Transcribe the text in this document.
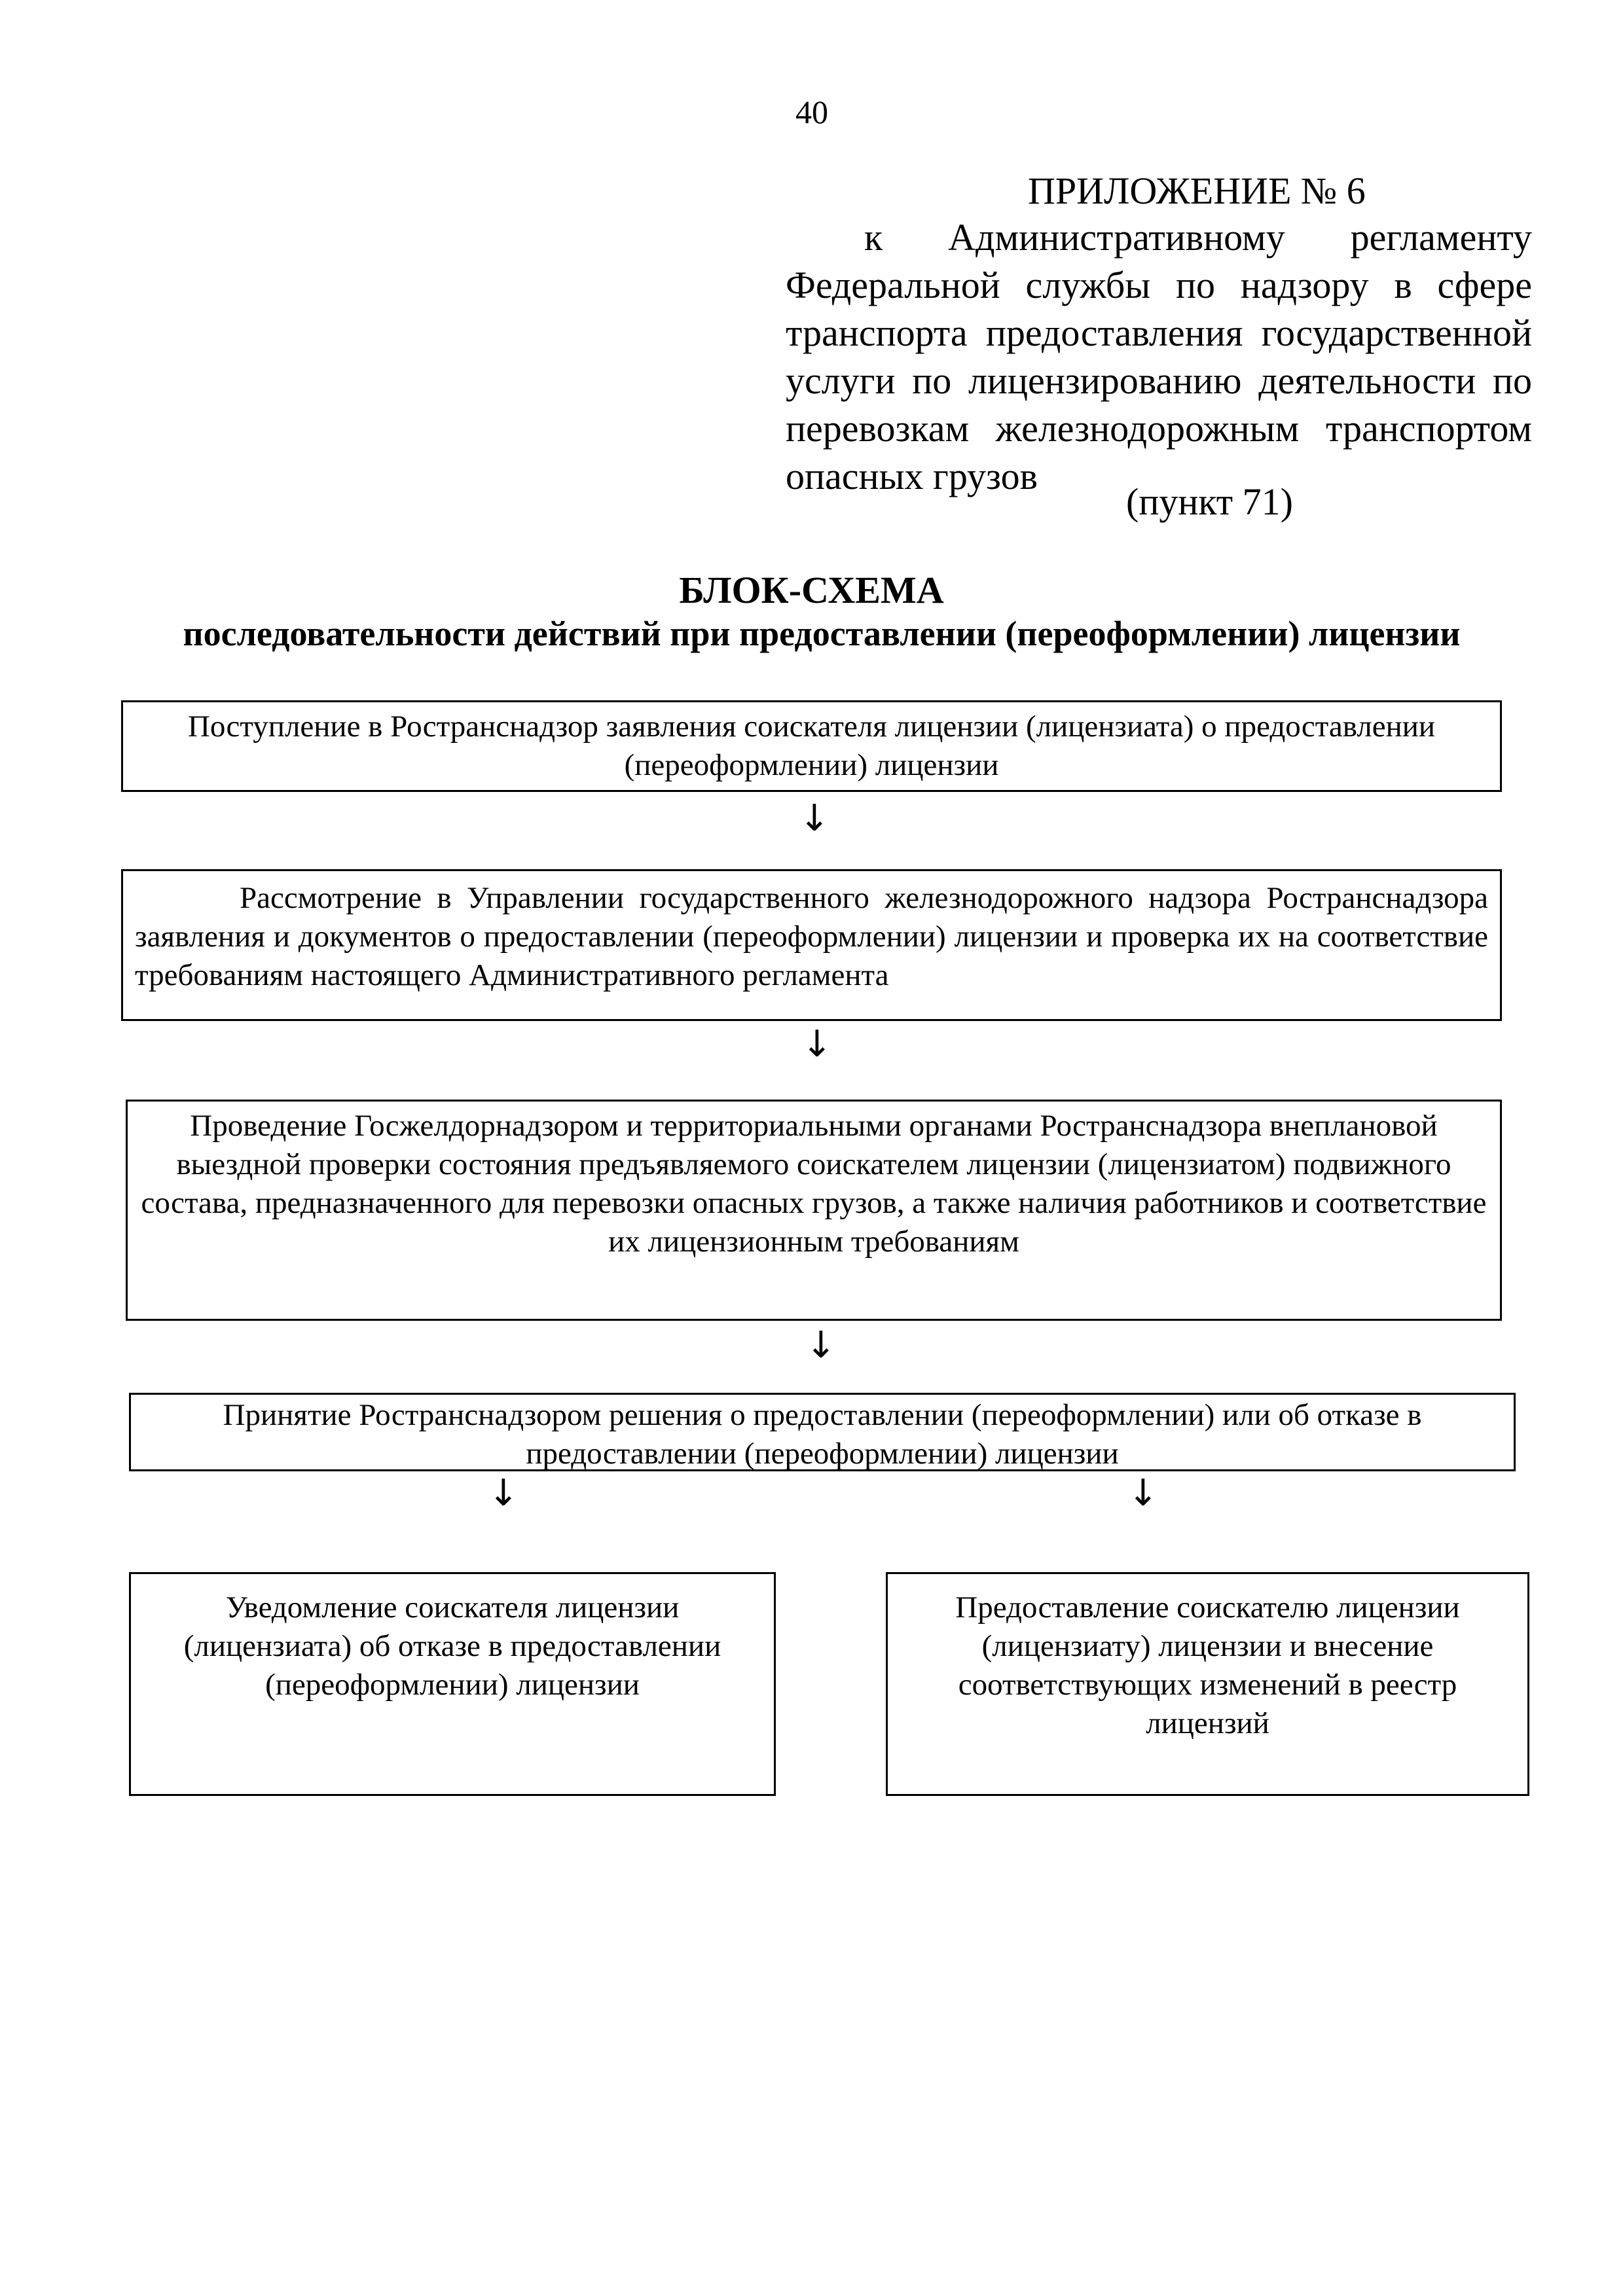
40
ПРИЛОЖЕНИЕ № 6
к Административному регламенту Федеральной службы по надзору в сфере транспорта предоставления государственной услуги по лицензированию деятельности по перевозкам железнодорожным транспортом опасных грузов
(пункт 71)
БЛОК-СХЕМА
последовательности действий при предоставлении (переоформлении) лицензии
Поступление в Ространснадзор заявления соискателя лицензии (лицензиата) о предоставлении (переоформлении) лицензии
↓
Рассмотрение в Управлении государственного железнодорожного надзора Ространснадзора заявления и документов о предоставлении (переоформлении) лицензии и проверка их на соответствие требованиям настоящего Административного регламента
↓
Проведение Госжелдорнадзором и территориальными органами Ространснадзора внеплановой выездной проверки состояния предъявляемого соискателем лицензии (лицензиатом) подвижного состава, предназначенного для перевозки опасных грузов, а также наличия работников и соответствие их лицензионным требованиям
↓
Принятие Ространснадзором решения о предоставлении (переоформлении) или об отказе в предоставлении (переоформлении) лицензии
↓	↓
Уведомление соискателя лицензии (лицензиата) об отказе в предоставлении (переоформлении) лицензии
Предоставление соискателю лицензии (лицензиату) лицензии и внесение соответствующих изменений в реестр лицензий
